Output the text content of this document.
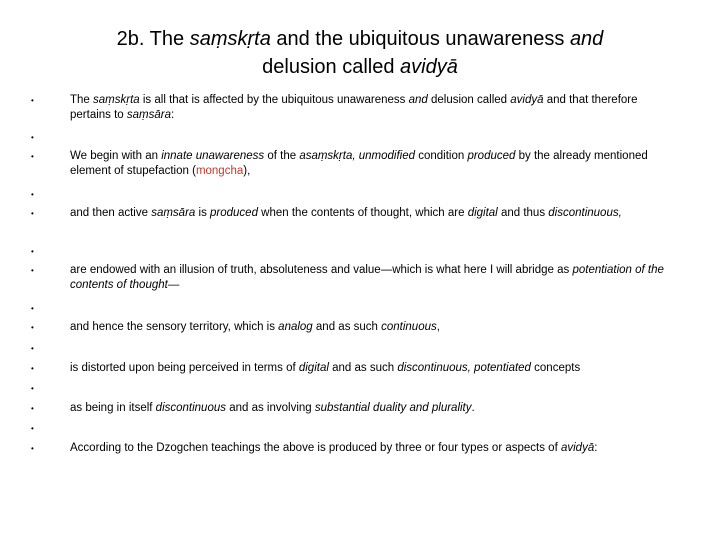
2b. The saṃskṛta and the ubiquitous unawareness and
delusion called avidyā
•
•
•
•
•
•
•
•
•
•
•
•
•
•
•
The saṃskṛta is all that is affected by the ubiquitous unawareness and delusion called avidyā and that therefore pertains to saṃsāra:
We begin with an innate unawareness of the asaṃskṛta, unmodified condition produced by the already mentioned element of stupefaction (mongcha),
and then active saṃsāra is produced when the contents of thought, which are digital and thus discontinuous,
are endowed with an illusion of truth, absoluteness and value—which is what here I will abridge as potentiation of the contents of thought—
and hence the sensory territory, which is analog and as such continuous,
is distorted upon being perceived in terms of digital and as such discontinuous, potentiated concepts
as being in itself discontinuous and as involving substantial duality and plurality.
According to the Dzogchen teachings the above is produced by three or four types or aspects of avidyā:
